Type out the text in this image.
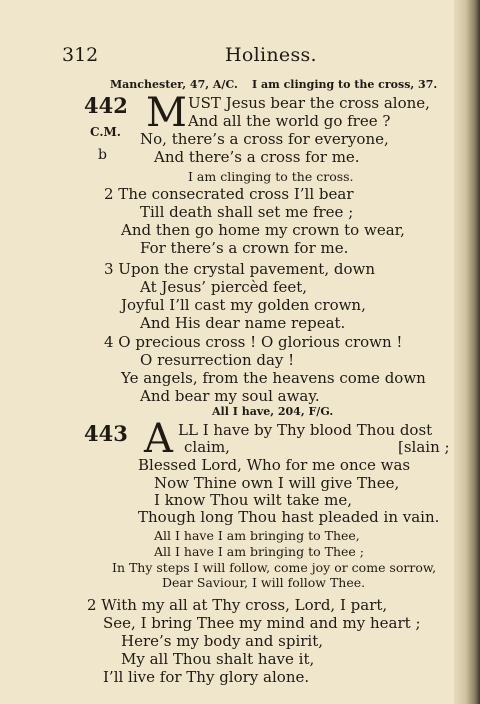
312	Holiness.
Manchester, 47, A/C. I am clinging to the cross, 37.
442 M UST Jesus bear the cross alone,
And all the world go free ?
C.M. No, there’s a cross for everyone,
b	And there’s a cross for me.
I am clinging to the cross.
2 The consecrated cross I’ll bear
Till death shall set me free ;
And then go home my crown to wear,
For there’s a crown for me.
3 Upon the crystal pavement, down
At Jesus’ piercèd feet,
Joyful I’ll cast my golden crown,
And His dear name repeat.
4 O precious cross ! O glorious crown !
O resurrection day !
Ye angels, from the heavens come down
And bear my soul away.
All I have, 204, F/G.
443 A LL I have by Thy blood Thou dost
claim,	[slain ;
Blessed Lord, Who for me once was
Now Thine own I will give Thee,
I know Thou wilt take me,
Though long Thou hast pleaded in vain.
All I have I am bringing to Thee,
All I have I am bringing to Thee ;
In Thy steps I will follow, come joy or come sorrow,
Dear Saviour, I will follow Thee.
2 With my all at Thy cross, Lord, I part,
See, I bring Thee my mind and my heart ;
Here’s my body and spirit,
My all Thou shalt have it,
I’ll live for Thy glory alone.
